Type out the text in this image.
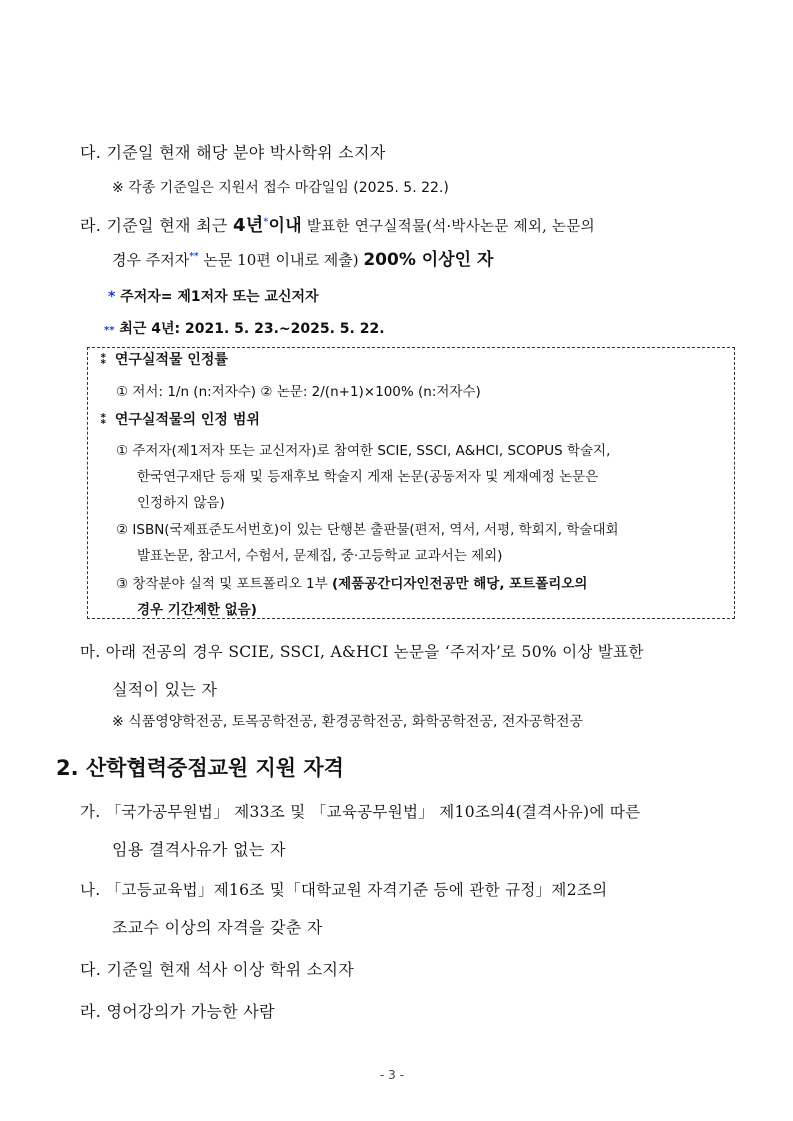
다. 기준일 현재 해당 분야 박사학위 소지자
※ 각종 기준일은 지원서 접수 마감일임 (2025. 5. 22.)
라. 기준일 현재 최근 4년*이내 발표한 연구실적물(석·박사논문 제외, 논문의
경우 주저자** 논문 10편 이내로 제출) 200% 이상인 자
* 주저자= 제1저자 또는 교신저자
** 최근 4년: 2021. 5. 23.~2025. 5. 22.
⁑ 연구실적물 인정률
① 저서: 1/n (n:저자수) ② 논문: 2/(n+1)×100% (n:저자수)
⁑ 연구실적물의 인정 범위
① 주저자(제1저자 또는 교신저자)로 참여한 SCIE, SSCI, A&HCI, SCOPUS 학술지,
한국연구재단 등재 및 등재후보 학술지 게재 논문(공동저자 및 게재예정 논문은
인정하지 않음)
② ISBN(국제표준도서번호)이 있는 단행본 출판물(편저, 역서, 서평, 학회지, 학술대회
발표논문, 참고서, 수험서, 문제집, 중·고등학교 교과서는 제외)
③ 창작분야 실적 및 포트폴리오 1부 (제품공간디자인전공만 해당, 포트폴리오의
경우 기간제한 없음)
마. 아래 전공의 경우 SCIE, SSCI, A&HCI 논문을 ‘주저자’로 50% 이상 발표한
실적이 있는 자
※ 식품영양학전공, 토목공학전공, 환경공학전공, 화학공학전공, 전자공학전공
2. 산학협력중점교원 지원 자격
가. 「국가공무원법」 제33조 및 「교육공무원법」 제10조의4(결격사유)에 따른
임용 결격사유가 없는 자
나. 「고등교육법」제16조 및「대학교원 자격기준 등에 관한 규정」제2조의
조교수 이상의 자격을 갖춘 자
다. 기준일 현재 석사 이상 학위 소지자
라. 영어강의가 가능한 사람
- 3 -
